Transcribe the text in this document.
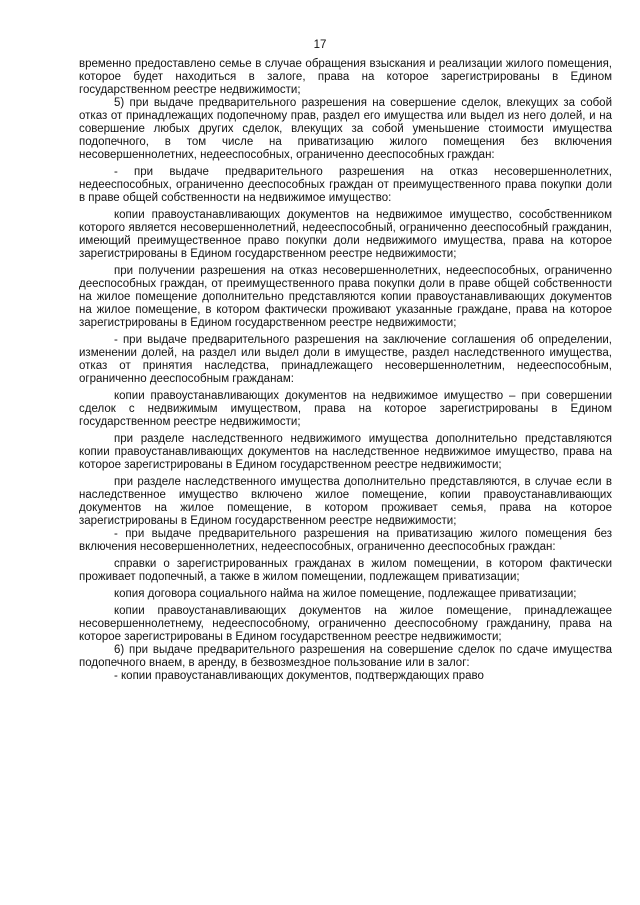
17

временно предоставлено семье в случае обращения взыскания и реализации жилого помещения, которое будет находиться в залоге, права на которое зарегистрированы в Едином государственном реестре недвижимости;

5) при выдаче предварительного разрешения на совершение сделок, влекущих за собой отказ от принадлежащих подопечному прав, раздел его имущества или выдел из него долей, и на совершение любых других сделок, влекущих за собой уменьшение стоимости имущества подопечного, в том числе на приватизацию жилого помещения без включения несовершеннолетних, недееспособных, ограниченно дееспособных граждан:

- при выдаче предварительного разрешения на отказ несовершеннолетних, недееспособных, ограниченно дееспособных граждан от преимущественного права покупки доли в праве общей собственности на недвижимое имущество:

копии правоустанавливающих документов на недвижимое имущество, сособственником которого является несовершеннолетний, недееспособный, ограниченно дееспособный гражданин, имеющий преимущественное право покупки доли недвижимого имущества, права на которое зарегистрированы в Едином государственном реестре недвижимости;

при получении разрешения на отказ несовершеннолетних, недееспособных, ограниченно дееспособных граждан, от преимущественного права покупки доли в праве общей собственности на жилое помещение дополнительно представляются копии правоустанавливающих документов на жилое помещение, в котором фактически проживают указанные граждане, права на которое зарегистрированы в Едином государственном реестре недвижимости;

- при выдаче предварительного разрешения на заключение соглашения об определении, изменении долей, на раздел или выдел доли в имуществе, раздел наследственного имущества, отказ от принятия наследства, принадлежащего несовершеннолетним, недееспособным, ограниченно дееспособным гражданам:

копии правоустанавливающих документов на недвижимое имущество – при совершении сделок с недвижимым имуществом, права на которое зарегистрированы в Едином государственном реестре недвижимости;

при разделе наследственного недвижимого имущества дополнительно представляются копии правоустанавливающих документов на наследственное недвижимое имущество, права на которое зарегистрированы в Едином государственном реестре недвижимости;

при разделе наследственного имущества дополнительно представляются, в случае если в наследственное имущество включено жилое помещение, копии правоустанавливающих документов на жилое помещение, в котором проживает семья, права на которое зарегистрированы в Едином государственном реестре недвижимости;

- при выдаче предварительного разрешения на приватизацию жилого помещения без включения несовершеннолетних, недееспособных, ограниченно дееспособных граждан:

справки о зарегистрированных гражданах в жилом помещении, в котором фактически проживает подопечный, а также в жилом помещении, подлежащем приватизации;

копия договора социального найма на жилое помещение, подлежащее приватизации;

копии правоустанавливающих документов на жилое помещение, принадлежащее несовершеннолетнему, недееспособному, ограниченно дееспособному гражданину, права на которое зарегистрированы в Едином государственном реестре недвижимости;

6) при выдаче предварительного разрешения на совершение сделок по сдаче имущества подопечного внаем, в аренду, в безвозмездное пользование или в залог:

- копии правоустанавливающих документов, подтверждающих право
